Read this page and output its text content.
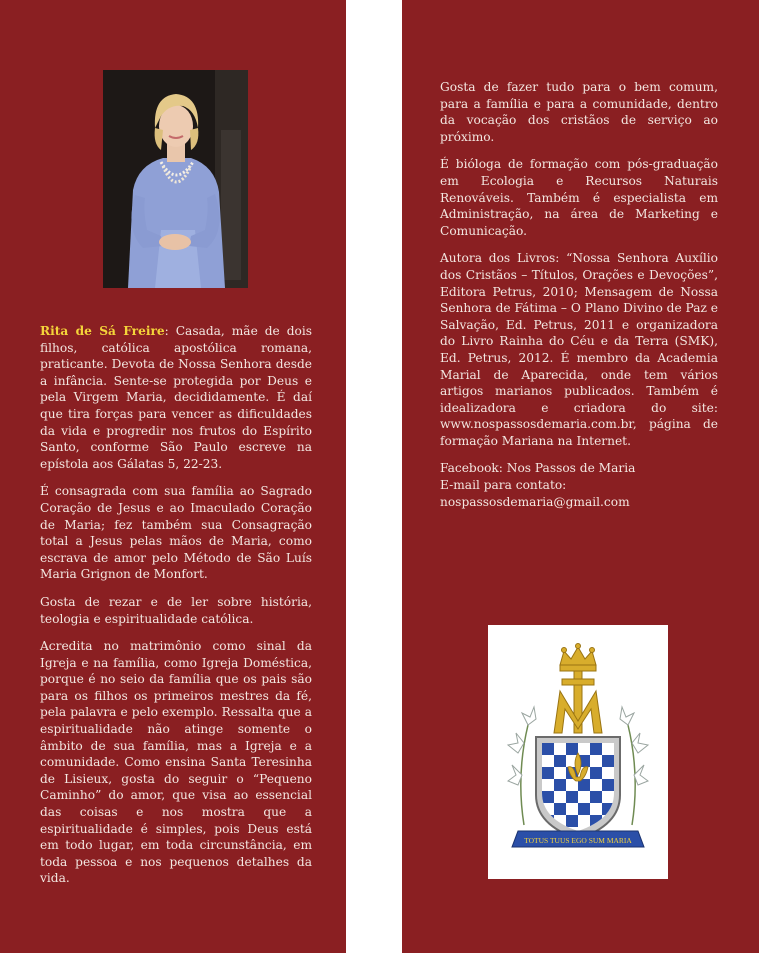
Rita de Sá Freire: Casada, mãe de dois filhos, católica apostólica romana, praticante. Devota de Nossa Senhora desde a infância. Sente-se protegida por Deus e pela Virgem Maria, decididamente. É daí que tira forças para vencer as dificuldades da vida e progredir nos frutos do Espírito Santo, conforme São Paulo escreve na epístola aos Gálatas 5, 22-23.

É consagrada com sua família ao Sagrado Coração de Jesus e ao Imaculado Coração de Maria; fez também sua Consagração total a Jesus pelas mãos de Maria, como escrava de amor pelo Método de São Luís Maria Grignon de Monfort.

Gosta de rezar e de ler sobre história, teologia e espiritualidade católica.

Acredita no matrimônio como sinal da Igreja e na família, como Igreja Doméstica, porque é no seio da família que os pais são para os filhos os primeiros mestres da fé, pela palavra e pelo exemplo. Ressalta que a espiritualidade não atinge somente o âmbito de sua família, mas a Igreja e a comunidade. Como ensina Santa Teresinha de Lisieux, gosta do seguir o “Pequeno Caminho” do amor, que visa ao essencial das coisas e nos mostra que a espiritualidade é simples, pois Deus está em todo lugar, em toda circunstância, em toda pessoa e nos pequenos detalhes da vida.

Gosta de fazer tudo para o bem comum, para a família e para a comunidade, dentro da vocação dos cristãos de serviço ao próximo.

É bióloga de formação com pós-graduação em Ecologia e Recursos Naturais Renováveis. Também é especialista em Administração, na área de Marketing e Comunicação.

Autora dos Livros: “Nossa Senhora Auxílio dos Cristãos – Títulos, Orações e Devoções”, Editora Petrus, 2010; Mensagem de Nossa Senhora de Fátima – O Plano Divino de Paz e Salvação, Ed. Petrus, 2011 e organizadora do Livro Rainha do Céu e da Terra (SMK), Ed. Petrus, 2012. É membro da Academia Marial de Aparecida, onde tem vários artigos marianos publicados. Também é idealizadora e criadora do site: www.nospassosdemaria.com.br, página de formação Mariana na Internet.

Facebook: Nos Passos de Maria

E-mail para contato:

nospassosdemaria@gmail.com

TOTUS TUUS EGO SUM MARIA
